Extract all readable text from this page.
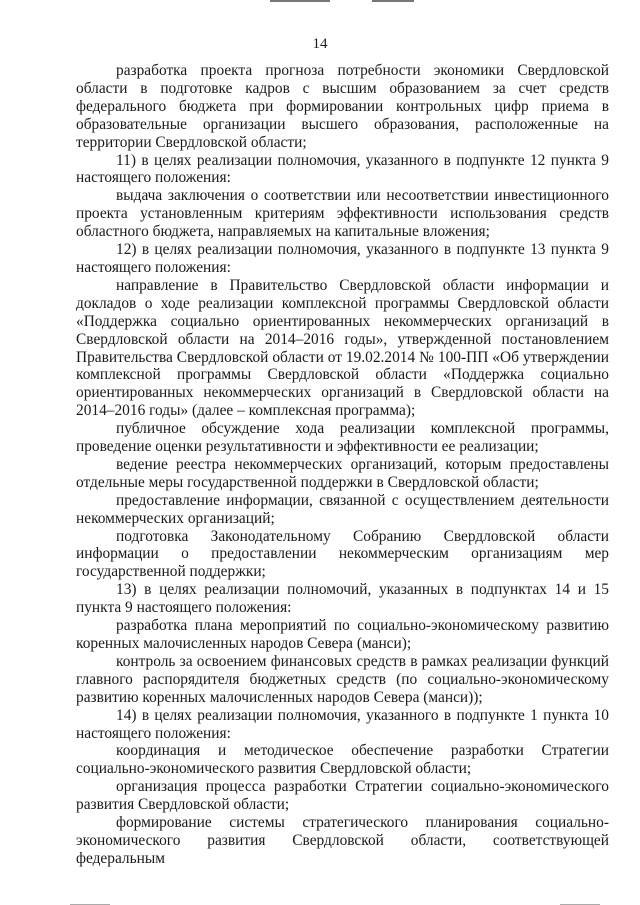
14

разработка проекта прогноза потребности экономики Свердловской области в подготовке кадров с высшим образованием за счет средств федерального бюджета при формировании контрольных цифр приема в образовательные организации высшего образования, расположенные на территории Свердловской области;

11) в целях реализации полномочия, указанного в подпункте 12 пункта 9 настоящего положения:

выдача заключения о соответствии или несоответствии инвестиционного проекта установленным критериям эффективности использования средств областного бюджета, направляемых на капитальные вложения;

12) в целях реализации полномочия, указанного в подпункте 13 пункта 9 настоящего положения:

направление в Правительство Свердловской области информации и докладов о ходе реализации комплексной программы Свердловской области «Поддержка социально ориентированных некоммерческих организаций в Свердловской области на 2014–2016 годы», утвержденной постановлением Правительства Свердловской области от 19.02.2014 № 100-ПП «Об утверждении комплексной программы Свердловской области «Поддержка социально ориентированных некоммерческих организаций в Свердловской области на 2014–2016 годы» (далее – комплексная программа);

публичное обсуждение хода реализации комплексной программы, проведение оценки результативности и эффективности ее реализации;

ведение реестра некоммерческих организаций, которым предоставлены отдельные меры государственной поддержки в Свердловской области;

предоставление информации, связанной с осуществлением деятельности некоммерческих организаций;

подготовка Законодательному Собранию Свердловской области информации о предоставлении некоммерческим организациям мер государственной поддержки;

13) в целях реализации полномочий, указанных в подпунктах 14 и 15 пункта 9 настоящего положения:

разработка плана мероприятий по социально-экономическому развитию коренных малочисленных народов Севера (манси);

контроль за освоением финансовых средств в рамках реализации функций главного распорядителя бюджетных средств (по социально-экономическому развитию коренных малочисленных народов Севера (манси));

14) в целях реализации полномочия, указанного в подпункте 1 пункта 10 настоящего положения:

координация и методическое обеспечение разработки Стратегии социально-экономического развития Свердловской области;

организация процесса разработки Стратегии социально-экономического развития Свердловской области;

формирование системы стратегического планирования социально-экономического развития Свердловской области, соответствующей федеральным
